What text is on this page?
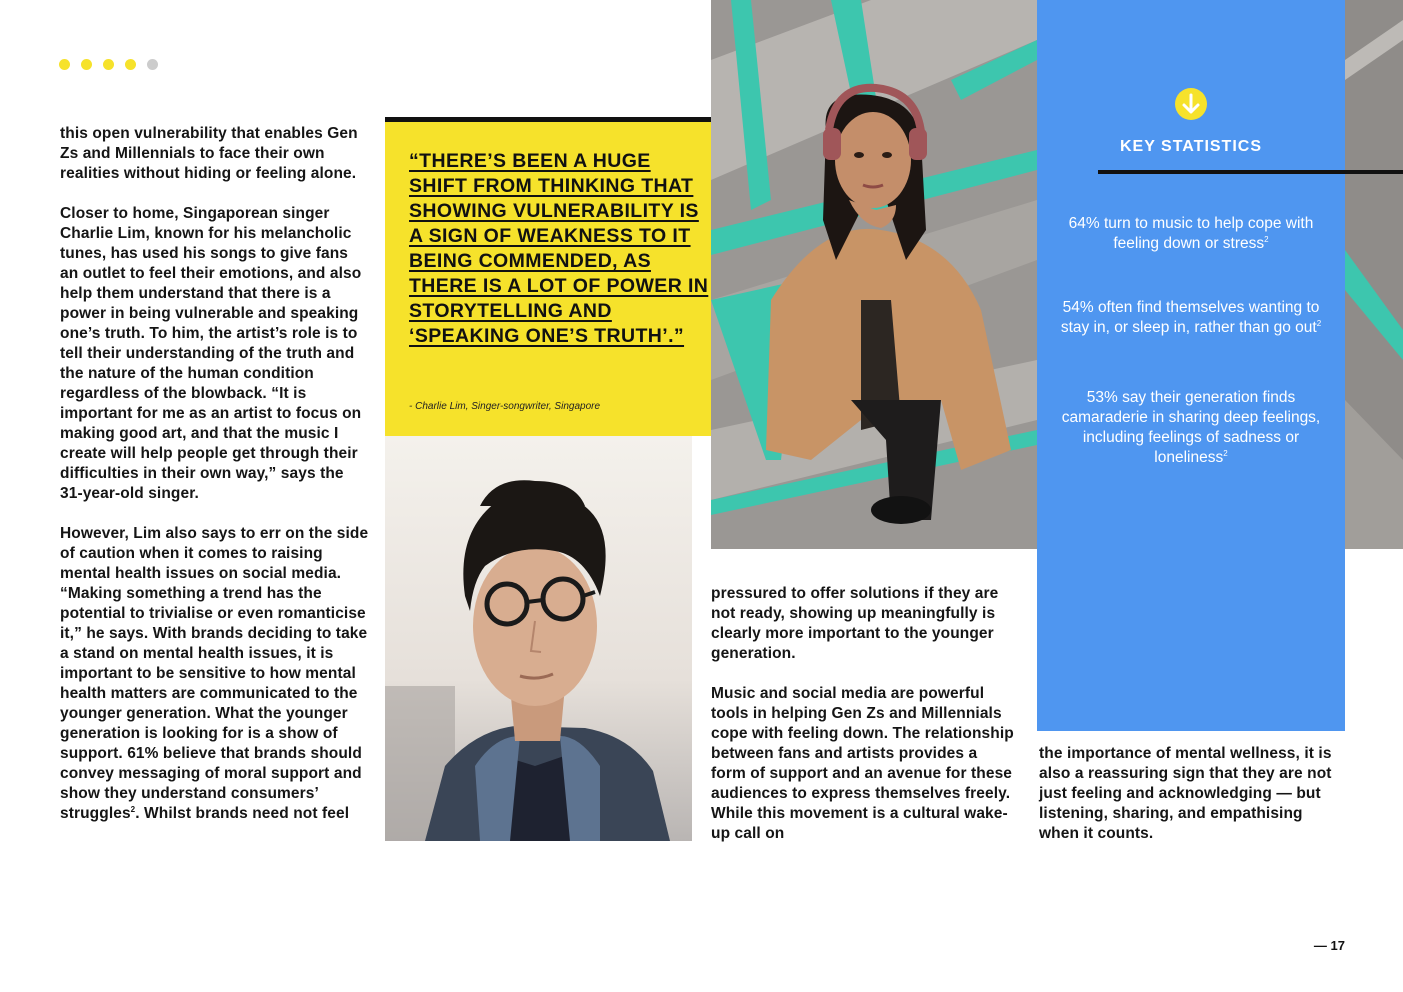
this open vulnerability that enables Gen Zs and Millennials to face their own realities without hiding or feeling alone.

Closer to home, Singaporean singer Charlie Lim, known for his melancholic tunes, has used his songs to give fans an outlet to feel their emotions, and also help them understand that there is a power in being vulnerable and speaking one’s truth. To him, the artist’s role is to tell their understanding of the truth and the nature of the human condition regardless of the blowback. “It is important for me as an artist to focus on making good art, and that the music I create will help people get through their difficulties in their own way,” says the 31-year-old singer.

However, Lim also says to err on the side of caution when it comes to raising mental health issues on social media. “Making something a trend has the potential to trivialise or even romanticise it,” he says. With brands deciding to take a stand on mental health issues, it is important to be sensitive to how mental health matters are communicated to the younger generation. What the younger generation is looking for is a show of support. 61% believe that brands should convey messaging of moral support and show they understand consumers’ struggles$^2$. Whilst brands need not feel

“THERE’S BEEN A HUGE SHIFT FROM THINKING THAT SHOWING VULNERABILITY IS A SIGN OF WEAKNESS TO IT BEING COMMENDED, AS THERE IS A LOT OF POWER IN STORYTELLING AND ‘SPEAKING ONE’S TRUTH’.”
- Charlie Lim, Singer-songwriter, Singapore
KEY STATISTICS
64% turn to music to help cope with feeling down or stress$^2$
54% often find themselves wanting to stay in, or sleep in, rather than go out$^2$
53% say their generation finds camaraderie in sharing deep feelings, including feelings of sadness or loneliness$^2$

pressured to offer solutions if they are not ready, showing up meaningfully is clearly more important to the younger generation.

Music and social media are powerful tools in helping Gen Zs and Millennials cope with feeling down. The relationship between fans and artists provides a form of support and an avenue for these audiences to express themselves freely. While this movement is a cultural wake-up call on

the importance of mental wellness, it is also a reassuring sign that they are not just feeling and acknowledging — but listening, sharing, and empathising when it counts.

— 17
